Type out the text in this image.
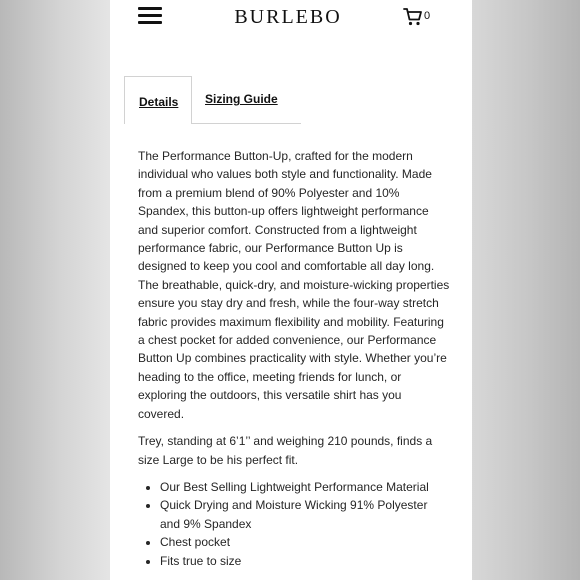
BURLEBO	0
Details Sizing Guide

The Performance Button-Up, crafted for the modern individual who values both style and functionality. Made from a premium blend of 90% Polyester and 10% Spandex, this button-up offers lightweight performance and superior comfort. Constructed from a lightweight performance fabric, our Performance Button Up is designed to keep you cool and comfortable all day long. The breathable, quick-dry, and moisture-wicking properties ensure you stay dry and fresh, while the four-way stretch fabric provides maximum flexibility and mobility. Featuring a chest pocket for added convenience, our Performance Button Up combines practicality with style. Whether you’re heading to the office, meeting friends for lunch, or exploring the outdoors, this versatile shirt has you covered.

Trey, standing at 6’1’’ and weighing 210 pounds, finds a size Large to be his perfect fit.

• Our Best Selling Lightweight Performance Material
• Quick Drying and Moisture Wicking 91% Polyester and 9% Spandex
• Chest pocket
• Fits true to size
